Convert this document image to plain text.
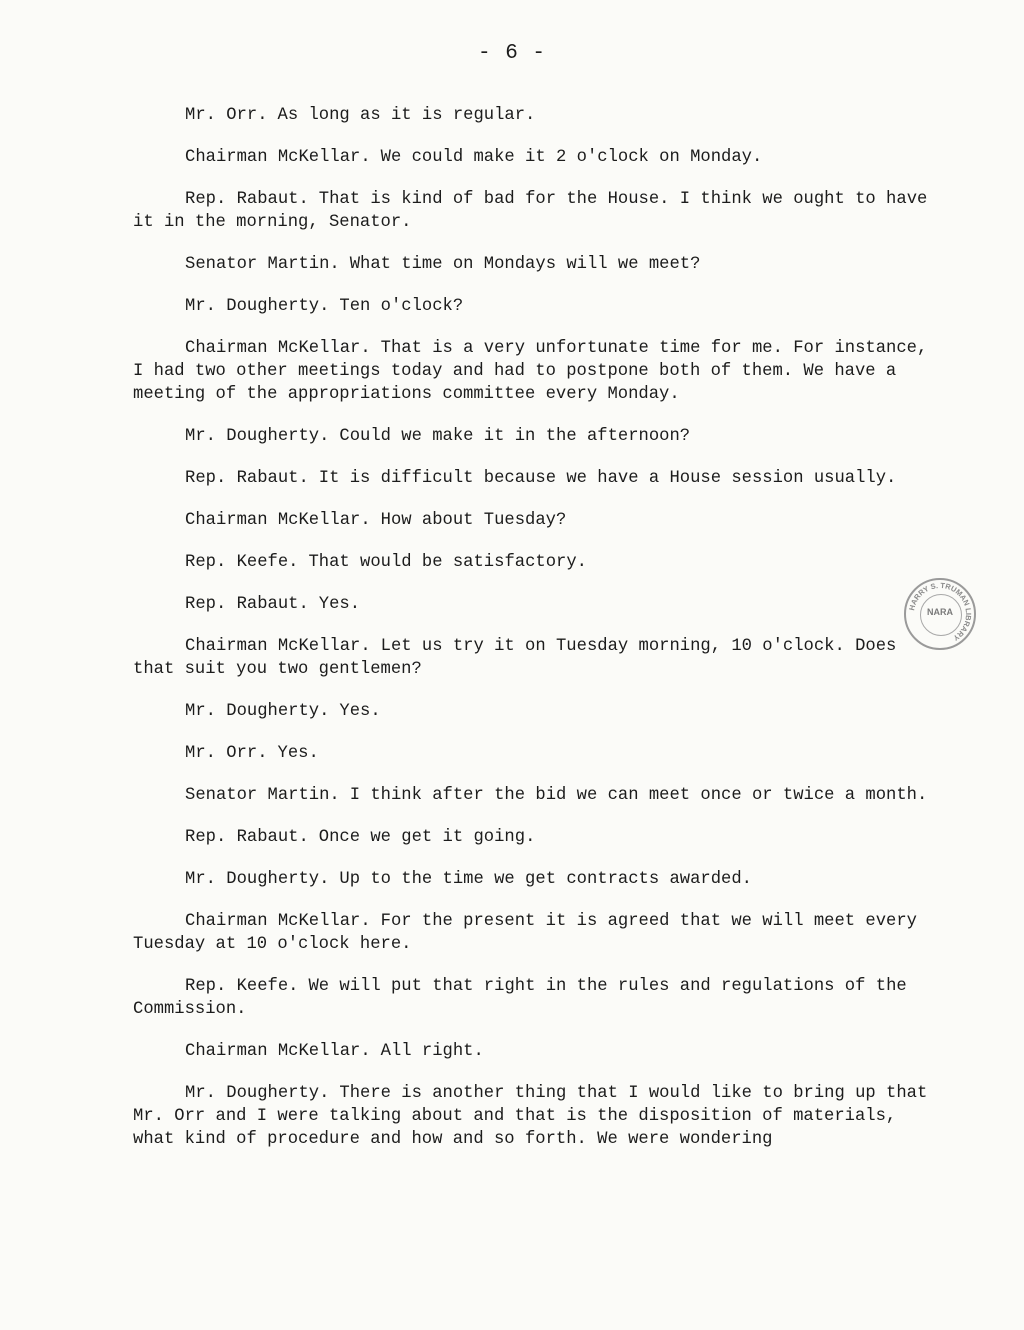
- 6 -
HARRY S. TRUMAN LIBRARY
NARA

Mr. Orr. As long as it is regular.

Chairman McKellar. We could make it 2 o'clock on Monday.

Rep. Rabaut. That is kind of bad for the House. I think we ought to have it in the morning, Senator.

Senator Martin. What time on Mondays will we meet?

Mr. Dougherty. Ten o'clock?

Chairman McKellar. That is a very unfortunate time for me. For instance, I had two other meetings today and had to postpone both of them. We have a meeting of the appropriations committee every Monday.

Mr. Dougherty. Could we make it in the afternoon?

Rep. Rabaut. It is difficult because we have a House session usually.

Chairman McKellar. How about Tuesday?

Rep. Keefe. That would be satisfactory.

Rep. Rabaut. Yes.

Chairman McKellar. Let us try it on Tuesday morning, 10 o'clock. Does that suit you two gentlemen?

Mr. Dougherty. Yes.

Mr. Orr. Yes.

Senator Martin. I think after the bid we can meet once or twice a month.

Rep. Rabaut. Once we get it going.

Mr. Dougherty. Up to the time we get contracts awarded.

Chairman McKellar. For the present it is agreed that we will meet every Tuesday at 10 o'clock here.

Rep. Keefe. We will put that right in the rules and regulations of the Commission.

Chairman McKellar. All right.

Mr. Dougherty. There is another thing that I would like to bring up that Mr. Orr and I were talking about and that is the disposition of materials, what kind of procedure and how and so forth. We were wondering
